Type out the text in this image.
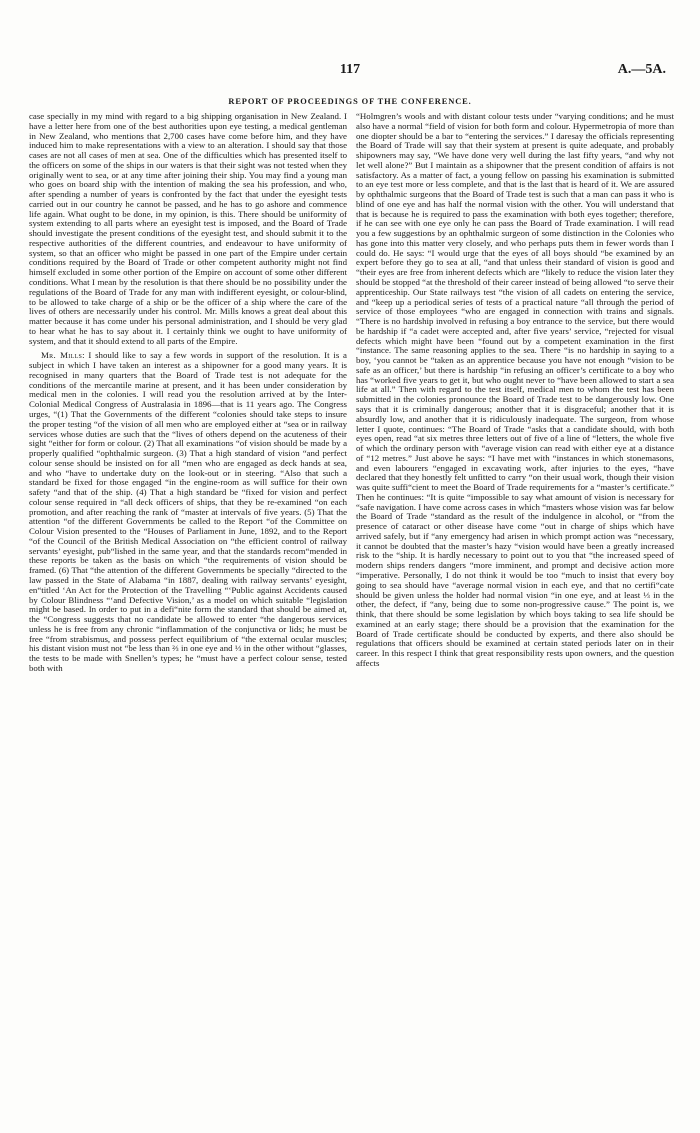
117	A.—5A.
REPORT OF PROCEEDINGS OF THE CONFERENCE.

case specially in my mind with regard to a big shipping organisation in New Zealand. I have a letter here from one of the best authorities upon eye testing, a medical gentleman in New Zealand, who mentions that 2,700 cases have come before him, and they have induced him to make representations with a view to an alteration. I should say that those cases are not all cases of men at sea. One of the difficulties which has presented itself to the officers on some of the ships in our waters is that their sight was not tested when they originally went to sea, or at any time after joining their ship. You may find a young man who goes on board ship with the intention of making the sea his profession, and who, after spending a number of years is confronted by the fact that under the eyesight tests carried out in our country he cannot be passed, and he has to go ashore and commence life again. What ought to be done, in my opinion, is this. There should be uniformity of system extending to all parts where an eyesight test is imposed, and the Board of Trade should investigate the present conditions of the eyesight test, and should submit it to the respective authorities of the different countries, and endeavour to have uniformity of system, so that an officer who might be passed in one part of the Empire under certain conditions required by the Board of Trade or other competent authority might not find himself excluded in some other portion of the Empire on account of some other different conditions. What I mean by the resolution is that there should be no possibility under the regulations of the Board of Trade for any man with indifferent eyesight, or colour-blind, to be allowed to take charge of a ship or be the officer of a ship where the care of the lives of others are necessarily under his control. Mr. Mills knows a great deal about this matter because it has come under his personal administration, and I should be very glad to hear what he has to say about it. I certainly think we ought to have uniformity of system, and that it should extend to all parts of the Empire.

Mr. Mills: I should like to say a few words in support of the resolution. It is a subject in which I have taken an interest as a shipowner for a good many years. It is recognised in many quarters that the Board of Trade test is not adequate for the conditions of the mercantile marine at present, and it has been under consideration by medical men in the colonies. I will read you the resolution arrived at by the Inter-Colonial Medical Congress of Australasia in 1896—that is 11 years ago. The Congress urges, “(1) That the Governments of the different “colonies should take steps to insure the proper testing “of the vision of all men who are employed either at “sea or in railway services whose duties are such that the “lives of others depend on the acuteness of their sight “either for form or colour. (2) That all examinations “of vision should be made by a properly qualified “ophthalmic surgeon. (3) That a high standard of vision “and perfect colour sense should be insisted on for all “men who are engaged as deck hands at sea, and who “have to undertake duty on the look-out or in steering. “Also that such a standard be fixed for those engaged “in the engine-room as will suffice for their own safety “and that of the ship. (4) That a high standard be “fixed for vision and perfect colour sense required in “all deck officers of ships, that they be re-examined “on each promotion, and after reaching the rank of “master at intervals of five years. (5) That the attention “of the different Governments be called to the Report “of the Committee on Colour Vision presented to the “Houses of Parliament in June, 1892, and to the Report “of the Council of the British Medical Association on “the efficient control of railway servants’ eyesight, pub“lished in the same year, and that the standards recom“mended in these reports be taken as the basis on which “the requirements of vision should be framed. (6) That “the attention of the different Governments be specially “directed to the law passed in the State of Alabama “in 1887, dealing with railway servants’ eyesight, en“titled ‘An Act for the Protection of the Travelling “‘Public against Accidents caused by Colour Blindness “‘and Defective Vision,’ as a model on which suitable “legislation might be based. In order to put in a defi“nite form the standard that should be aimed at, the “Congress suggests that no candidate be allowed to enter “the dangerous services unless he is free from any chronic “inflammation of the conjunctiva or lids; he must be free “from strabismus, and possess perfect equilibrium of “the external ocular muscles; his distant vision must not “be less than ⅔ in one eye and ⅓ in the other without “glasses, the tests to be made with Snellen’s types; he “must have a perfect colour sense, tested both with

“Holmgren’s wools and with distant colour tests under “varying conditions; and he must also have a normal “field of vision for both form and colour. Hypermetropia of more than one diopter should be a bar to “entering the services.” I daresay the officials representing the Board of Trade will say that their system at present is quite adequate, and probably shipowners may say, “We have done very well during the last fifty years, “and why not let well alone?” But I maintain as a shipowner that the present condition of affairs is not satisfactory. As a matter of fact, a young fellow on passing his examination is submitted to an eye test more or less complete, and that is the last that is heard of it. We are assured by ophthalmic surgeons that the Board of Trade test is such that a man can pass it who is blind of one eye and has half the normal vision with the other. You will understand that that is because he is required to pass the examination with both eyes together; therefore, if he can see with one eye only he can pass the Board of Trade examination. I will read you a few suggestions by an ophthalmic surgeon of some distinction in the Colonies who has gone into this matter very closely, and who perhaps puts them in fewer words than I could do. He says: “I would urge that the eyes of all boys should “be examined by an expert before they go to sea at all, “and that unless their standard of vision is good and “their eyes are free from inherent defects which are “likely to reduce the vision later they should be stopped “at the threshold of their career instead of being allowed “to serve their apprenticeship. Our State railways test “the vision of all cadets on entering the service, and “keep up a periodical series of tests of a practical nature “all through the period of service of those employees “who are engaged in connection with trains and signals. “There is no hardship involved in refusing a boy entrance to the service, but there would be hardship if “a cadet were accepted and, after five years’ service, “rejected for visual defects which might have been “found out by a competent examination in the first “instance. The same reasoning applies to the sea. There “is no hardship in saying to a boy, ‘you cannot be “taken as an apprentice because you have not enough “vision to be safe as an officer,’ but there is hardship “in refusing an officer’s certificate to a boy who has “worked five years to get it, but who ought never to “have been allowed to start a sea life at all.” Then with regard to the test itself, medical men to whom the test has been submitted in the colonies pronounce the Board of Trade test to be dangerously low. One says that it is criminally dangerous; another that it is disgraceful; another that it is absurdly low, and another that it is ridiculously inadequate. The surgeon, from whose letter I quote, continues: “The Board of Trade “asks that a candidate should, with both eyes open, read “at six metres three letters out of five of a line of “letters, the whole five of which the ordinary person with “average vision can read with either eye at a distance of “12 metres.” Just above he says: “I have met with “instances in which stonemasons, and even labourers “engaged in excavating work, after injuries to the eyes, “have declared that they honestly felt unfitted to carry “on their usual work, though their vision was quite suffi“cient to meet the Board of Trade requirements for a “master’s certificate.” Then he continues: “It is quite “impossible to say what amount of vision is necessary for “safe navigation. I have come across cases in which “masters whose vision was far below the Board of Trade “standard as the result of the indulgence in alcohol, or “from the presence of cataract or other disease have come “out in charge of ships which have arrived safely, but if “any emergency had arisen in which prompt action was “necessary, it cannot be doubted that the master’s hazy “vision would have been a greatly increased risk to the “ship. It is hardly necessary to point out to you that “the increased speed of modern ships renders dangers “more imminent, and prompt and decisive action more “imperative. Personally, I do not think it would be too “much to insist that every boy going to sea should have “average normal vision in each eye, and that no certifi“cate should be given unless the holder had normal vision “in one eye, and at least ⅓ in the other, the defect, if “any, being due to some non-progressive cause.” The point is, we think, that there should be some legislation by which boys taking to sea life should be examined at an early stage; there should be a provision that the examination for the Board of Trade certificate should be conducted by experts, and there also should be regulations that officers should be examined at certain stated periods later on in their career. In this respect I think that great responsibility rests upon owners, and the question affects
